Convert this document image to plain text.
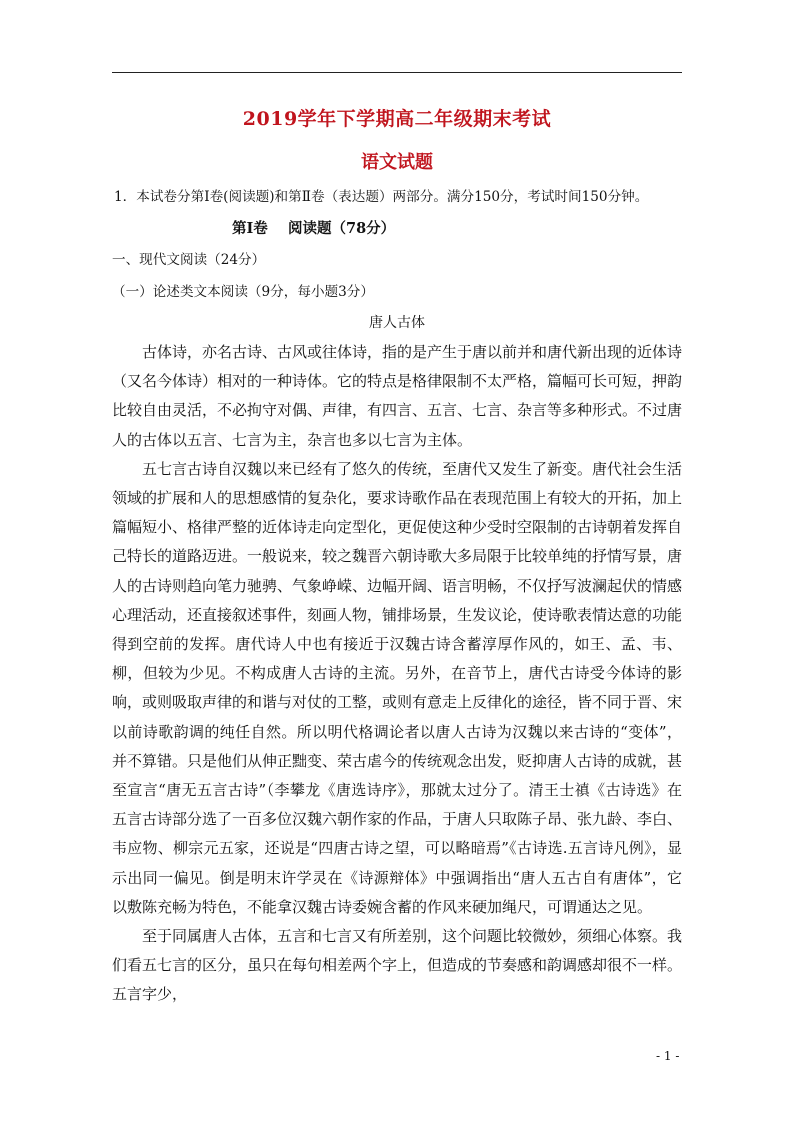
2019学年下学期高二年级期末考试
语文试题
1．本试卷分第Ⅰ卷(阅读题)和第Ⅱ卷（表达题）两部分。满分150分，考试时间150分钟。
第Ⅰ卷    阅读题（78分）
一、现代文阅读（24分）
（一）论述类文本阅读（9分，每小题3分）
唐人古体

古体诗，亦名古诗、古风或往体诗，指的是产生于唐以前并和唐代新出现的近体诗（又名今体诗）相对的一种诗体。它的特点是格律限制不太严格，篇幅可长可短，押韵比较自由灵活，不必拘守对偶、声律，有四言、五言、七言、杂言等多种形式。不过唐人的古体以五言、七言为主，杂言也多以七言为主体。

五七言古诗自汉魏以来已经有了悠久的传统，至唐代又发生了新变。唐代社会生活领域的扩展和人的思想感情的复杂化，要求诗歌作品在表现范围上有较大的开拓，加上篇幅短小、格律严整的近体诗走向定型化，更促使这种少受时空限制的古诗朝着发挥自己特长的道路迈进。一般说来，较之魏晋六朝诗歌大多局限于比较单纯的抒情写景，唐人的古诗则趋向笔力驰骋、气象峥嵘、边幅开阔、语言明畅，不仅抒写波澜起伏的情感心理活动，还直接叙述事件，刻画人物，铺排场景，生发议论，使诗歌表情达意的功能得到空前的发挥。唐代诗人中也有接近于汉魏古诗含蓄淳厚作风的，如王、孟、韦、柳，但较为少见。不构成唐人古诗的主流。另外，在音节上，唐代古诗受今体诗的影响，或则吸取声律的和谐与对仗的工整，或则有意走上反律化的途径，皆不同于晋、宋以前诗歌韵调的纯任自然。所以明代格调论者以唐人古诗为汉魏以来古诗的“变体”，并不算错。只是他们从伸正黜变、荣古虐今的传统观念出发，贬抑唐人古诗的成就，甚至宣言“唐无五言古诗”（李攀龙《唐选诗序》，那就太过分了。清王士禛《古诗选》在五言古诗部分选了一百多位汉魏六朝作家的作品，于唐人只取陈子昂、张九龄、李白、韦应物、柳宗元五家，还说是“四唐古诗之望，可以略暗焉”《古诗选.五言诗凡例》，显示出同一偏见。倒是明末许学灵在《诗源辩体》中强调指出“唐人五古自有唐体”，它以敷陈充畅为特色，不能拿汉魏古诗委婉含蓄的作风来硬加绳尺，可谓通达之见。

至于同属唐人古体，五言和七言又有所差别，这个问题比较微妙，须细心体察。我们看五七言的区分，虽只在每句相差两个字上，但造成的节奏感和韵调感却很不一样。五言字少，

- 1 -
